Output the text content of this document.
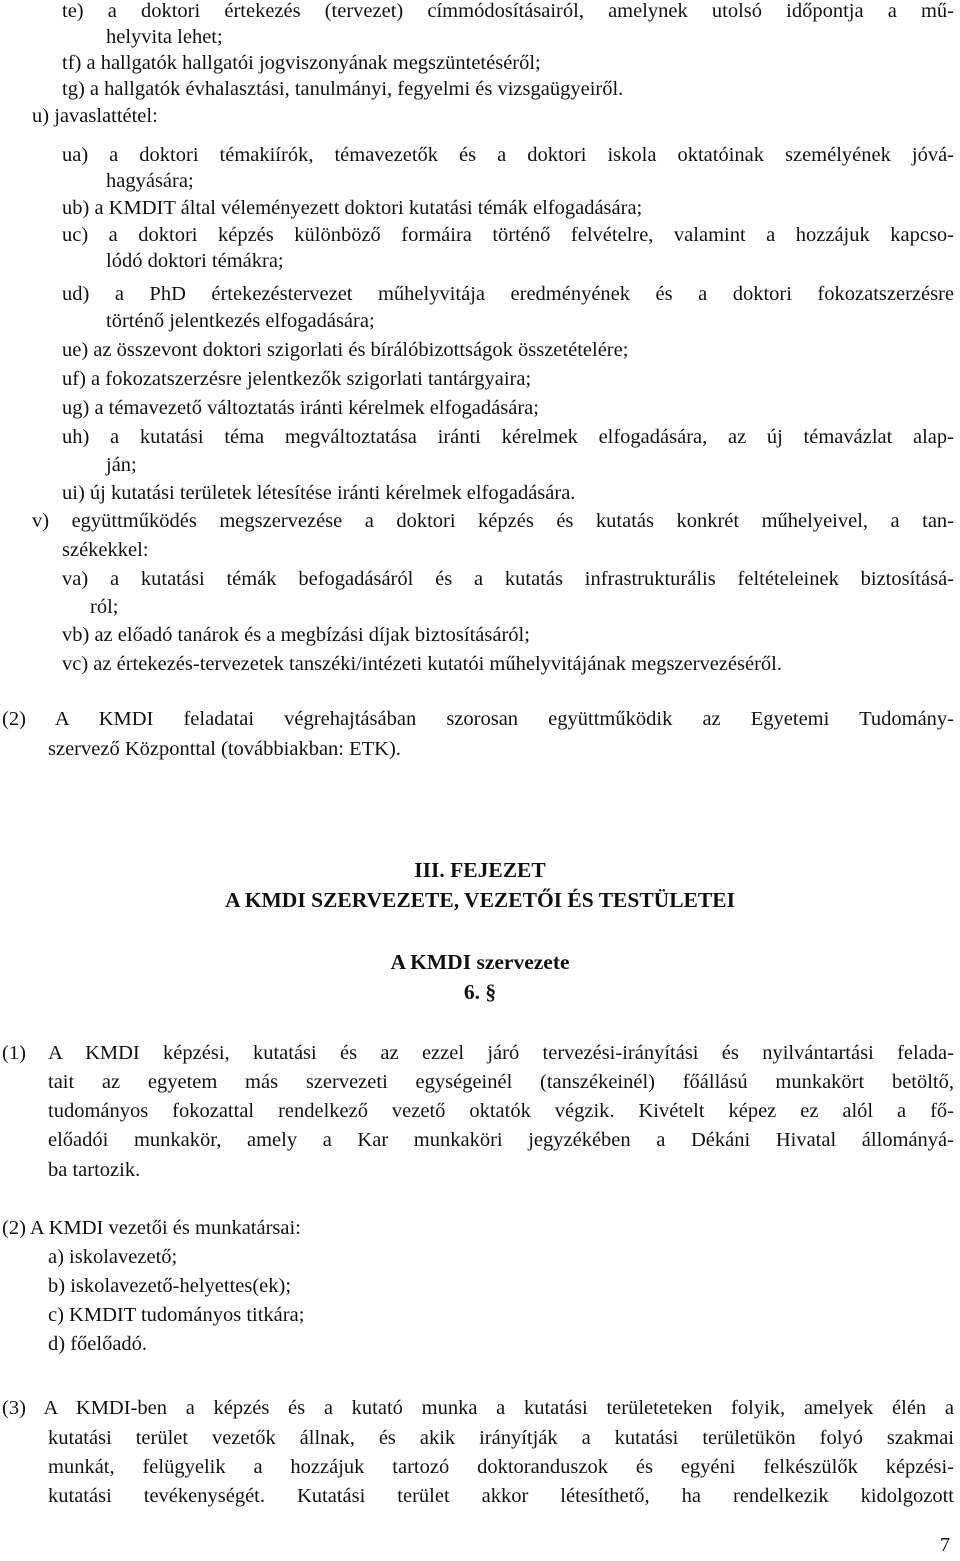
te) a doktori értekezés (tervezet) címmódosításairól, amelynek utolsó időpontja a mű-
helyvita lehet;
tf) a hallgatók hallgatói jogviszonyának megszüntetéséről;
tg) a hallgatók évhalasztási, tanulmányi, fegyelmi és vizsgaügyeiről.
u) javaslattétel:
ua) a doktori témakiírók, témavezetők és a doktori iskola oktatóinak személyének jóvá-
hagyására;
ub) a KMDIT által véleményezett doktori kutatási témák elfogadására;
uc) a doktori képzés különböző formáira történő felvételre, valamint a hozzájuk kapcso-
lódó doktori témákra;
ud) a PhD értekezéstervezet műhelyvitája eredményének és a doktori fokozatszerzésre
történő jelentkezés elfogadására;
ue) az összevont doktori szigorlati és bírálóbizottságok összetételére;
uf) a fokozatszerzésre jelentkezők szigorlati tantárgyaira;
ug) a témavezető változtatás iránti kérelmek elfogadására;
uh) a kutatási téma megváltoztatása iránti kérelmek elfogadására, az új témavázlat alap-
ján;
ui) új kutatási területek létesítése iránti kérelmek elfogadására.
v) együttműködés megszervezése a doktori képzés és kutatás konkrét műhelyeivel, a tan-
székekkel:
va) a kutatási témák befogadásáról és a kutatás infrastrukturális feltételeinek biztosításá-
ról;
vb) az előadó tanárok és a megbízási díjak biztosításáról;
vc) az értekezés-tervezetek tanszéki/intézeti kutatói műhelyvitájának megszervezéséről.
(2) A KMDI feladatai végrehajtásában szorosan együttműködik az Egyetemi Tudomány-
szervező Központtal (továbbiakban: ETK).
III. FEJEZET
A KMDI SZERVEZETE, VEZETŐI ÉS TESTÜLETEI
A KMDI szervezete
6. §
(1) A KMDI képzési, kutatási és az ezzel járó tervezési-irányítási és nyilvántartási felada-
tait az egyetem más szervezeti egységeinél (tanszékeinél) főállású munkakört betöltő,
tudományos fokozattal rendelkező vezető oktatók végzik. Kivételt képez ez alól a fő-
előadói munkakör, amely a Kar munkaköri jegyzékében a Dékáni Hivatal állományá-
ba tartozik.
(2) A KMDI vezetői és munkatársai:
a) iskolavezető;
b) iskolavezető-helyettes(ek);
c) KMDIT tudományos titkára;
d) főelőadó.
(3) A KMDI-ben a képzés és a kutató munka a kutatási területeteken folyik, amelyek élén a
kutatási terület vezetők állnak, és akik irányítják a kutatási területükön folyó szakmai
munkát, felügyelik a hozzájuk tartozó doktoranduszok és egyéni felkészülők képzési-
kutatási tevékenységét. Kutatási terület akkor létesíthető, ha rendelkezik kidolgozott
7
